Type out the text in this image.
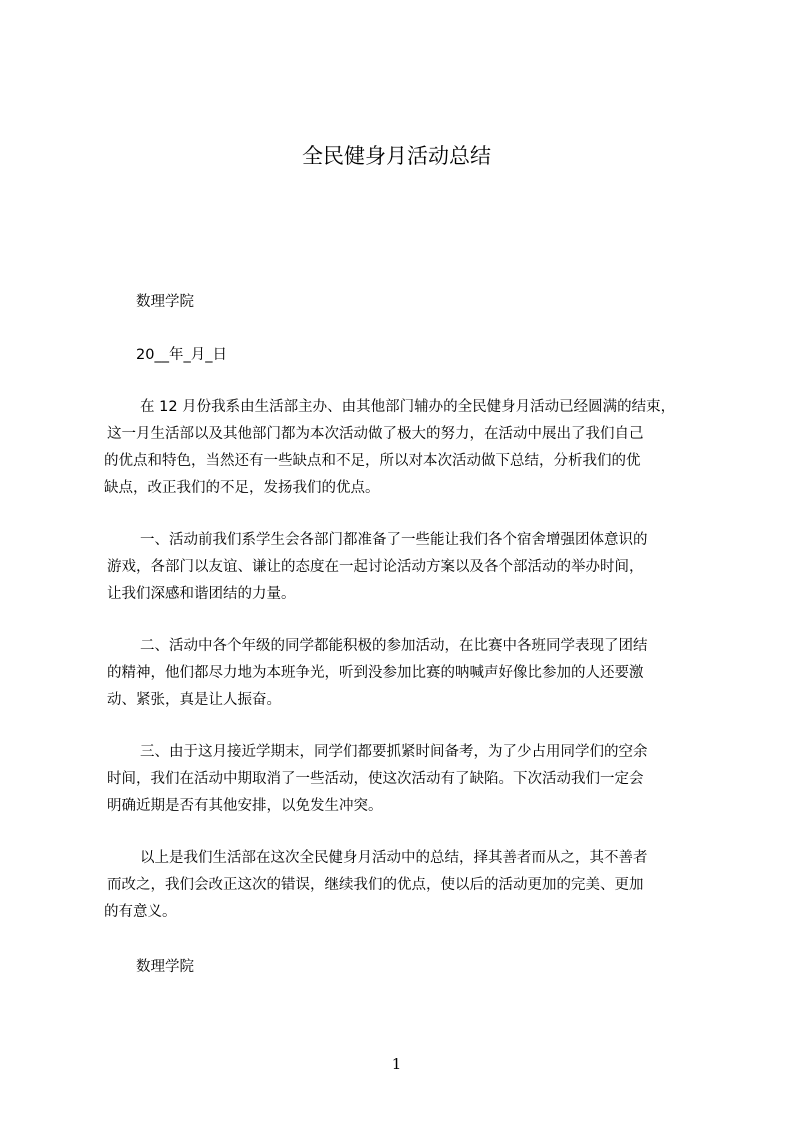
全民健身月活动总结
数理学院
20__年_月_日
在 12 月份我系由生活部主办、由其他部门辅办的全民健身月活动已经圆满的结束，
这一月生活部以及其他部门都为本次活动做了极大的努力，在活动中展出了我们自己
的优点和特色，当然还有一些缺点和不足，所以对本次活动做下总结，分析我们的优
缺点，改正我们的不足，发扬我们的优点。
一、活动前我们系学生会各部门都准备了一些能让我们各个宿舍增强团体意识的
游戏，各部门以友谊、谦让的态度在一起讨论活动方案以及各个部活动的举办时间，
让我们深感和谐团结的力量。
二、活动中各个年级的同学都能积极的参加活动，在比赛中各班同学表现了团结
的精神，他们都尽力地为本班争光，听到没参加比赛的呐喊声好像比参加的人还要激
动、紧张，真是让人振奋。
三、由于这月接近学期末，同学们都要抓紧时间备考，为了少占用同学们的空余
时间，我们在活动中期取消了一些活动，使这次活动有了缺陷。下次活动我们一定会
明确近期是否有其他安排，以免发生冲突。
以上是我们生活部在这次全民健身月活动中的总结，择其善者而从之，其不善者
而改之，我们会改正这次的错误，继续我们的优点，使以后的活动更加的完美、更加
的有意义。
数理学院
1
